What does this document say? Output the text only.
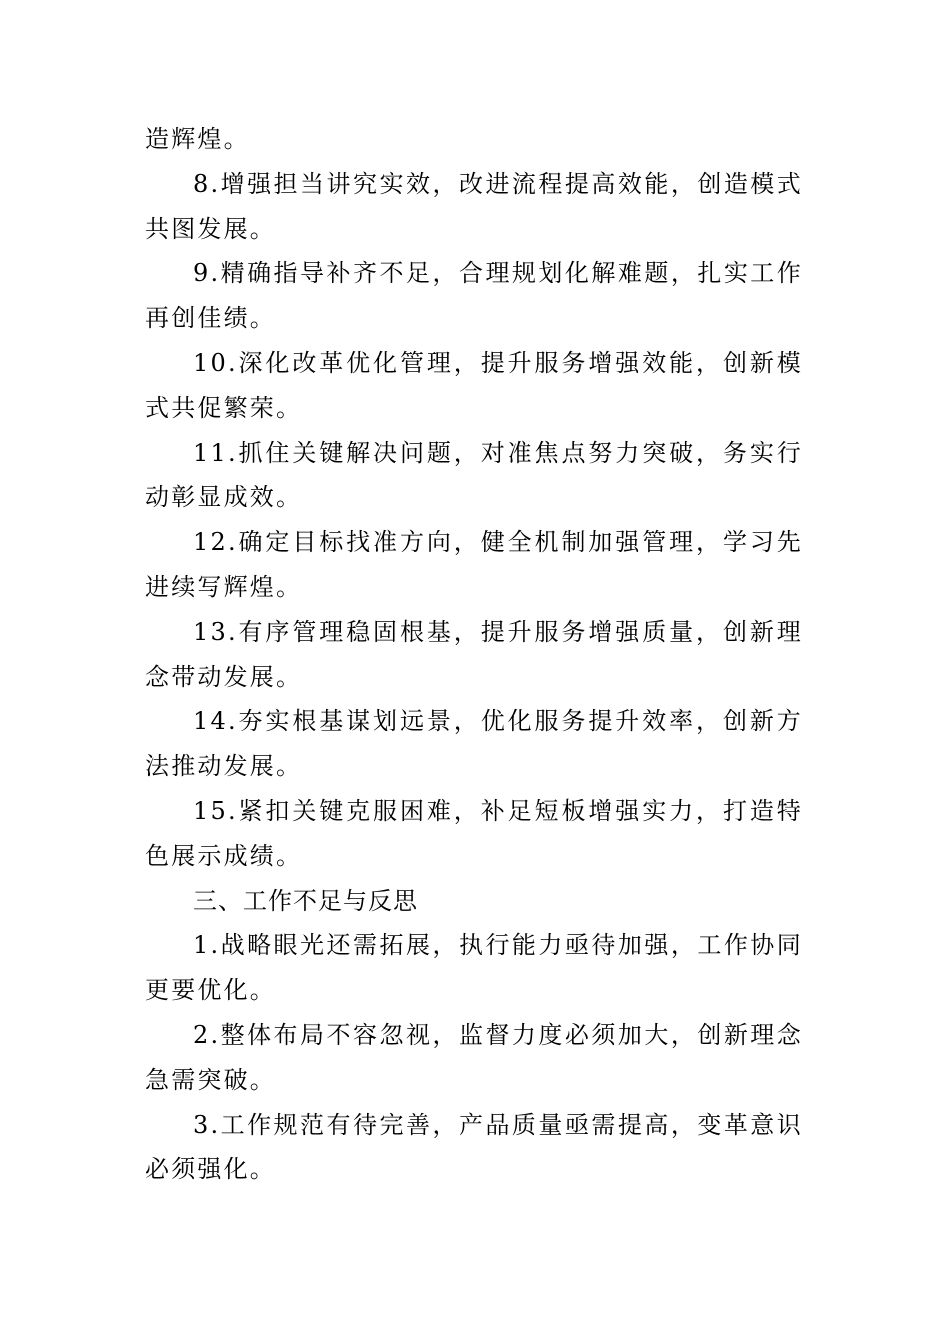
造辉煌。

8.增强担当讲究实效，改进流程提高效能，创造模式共图发展。

9.精确指导补齐不足，合理规划化解难题，扎实工作再创佳绩。

10.深化改革优化管理，提升服务增强效能，创新模式共促繁荣。

11.抓住关键解决问题，对准焦点努力突破，务实行动彰显成效。

12.确定目标找准方向，健全机制加强管理，学习先进续写辉煌。

13.有序管理稳固根基，提升服务增强质量，创新理念带动发展。

14.夯实根基谋划远景，优化服务提升效率，创新方法推动发展。

15.紧扣关键克服困难，补足短板增强实力，打造特色展示成绩。

三、工作不足与反思

1.战略眼光还需拓展，执行能力亟待加强，工作协同更要优化。

2.整体布局不容忽视，监督力度必须加大，创新理念急需突破。

3.工作规范有待完善，产品质量亟需提高，变革意识必须强化。
